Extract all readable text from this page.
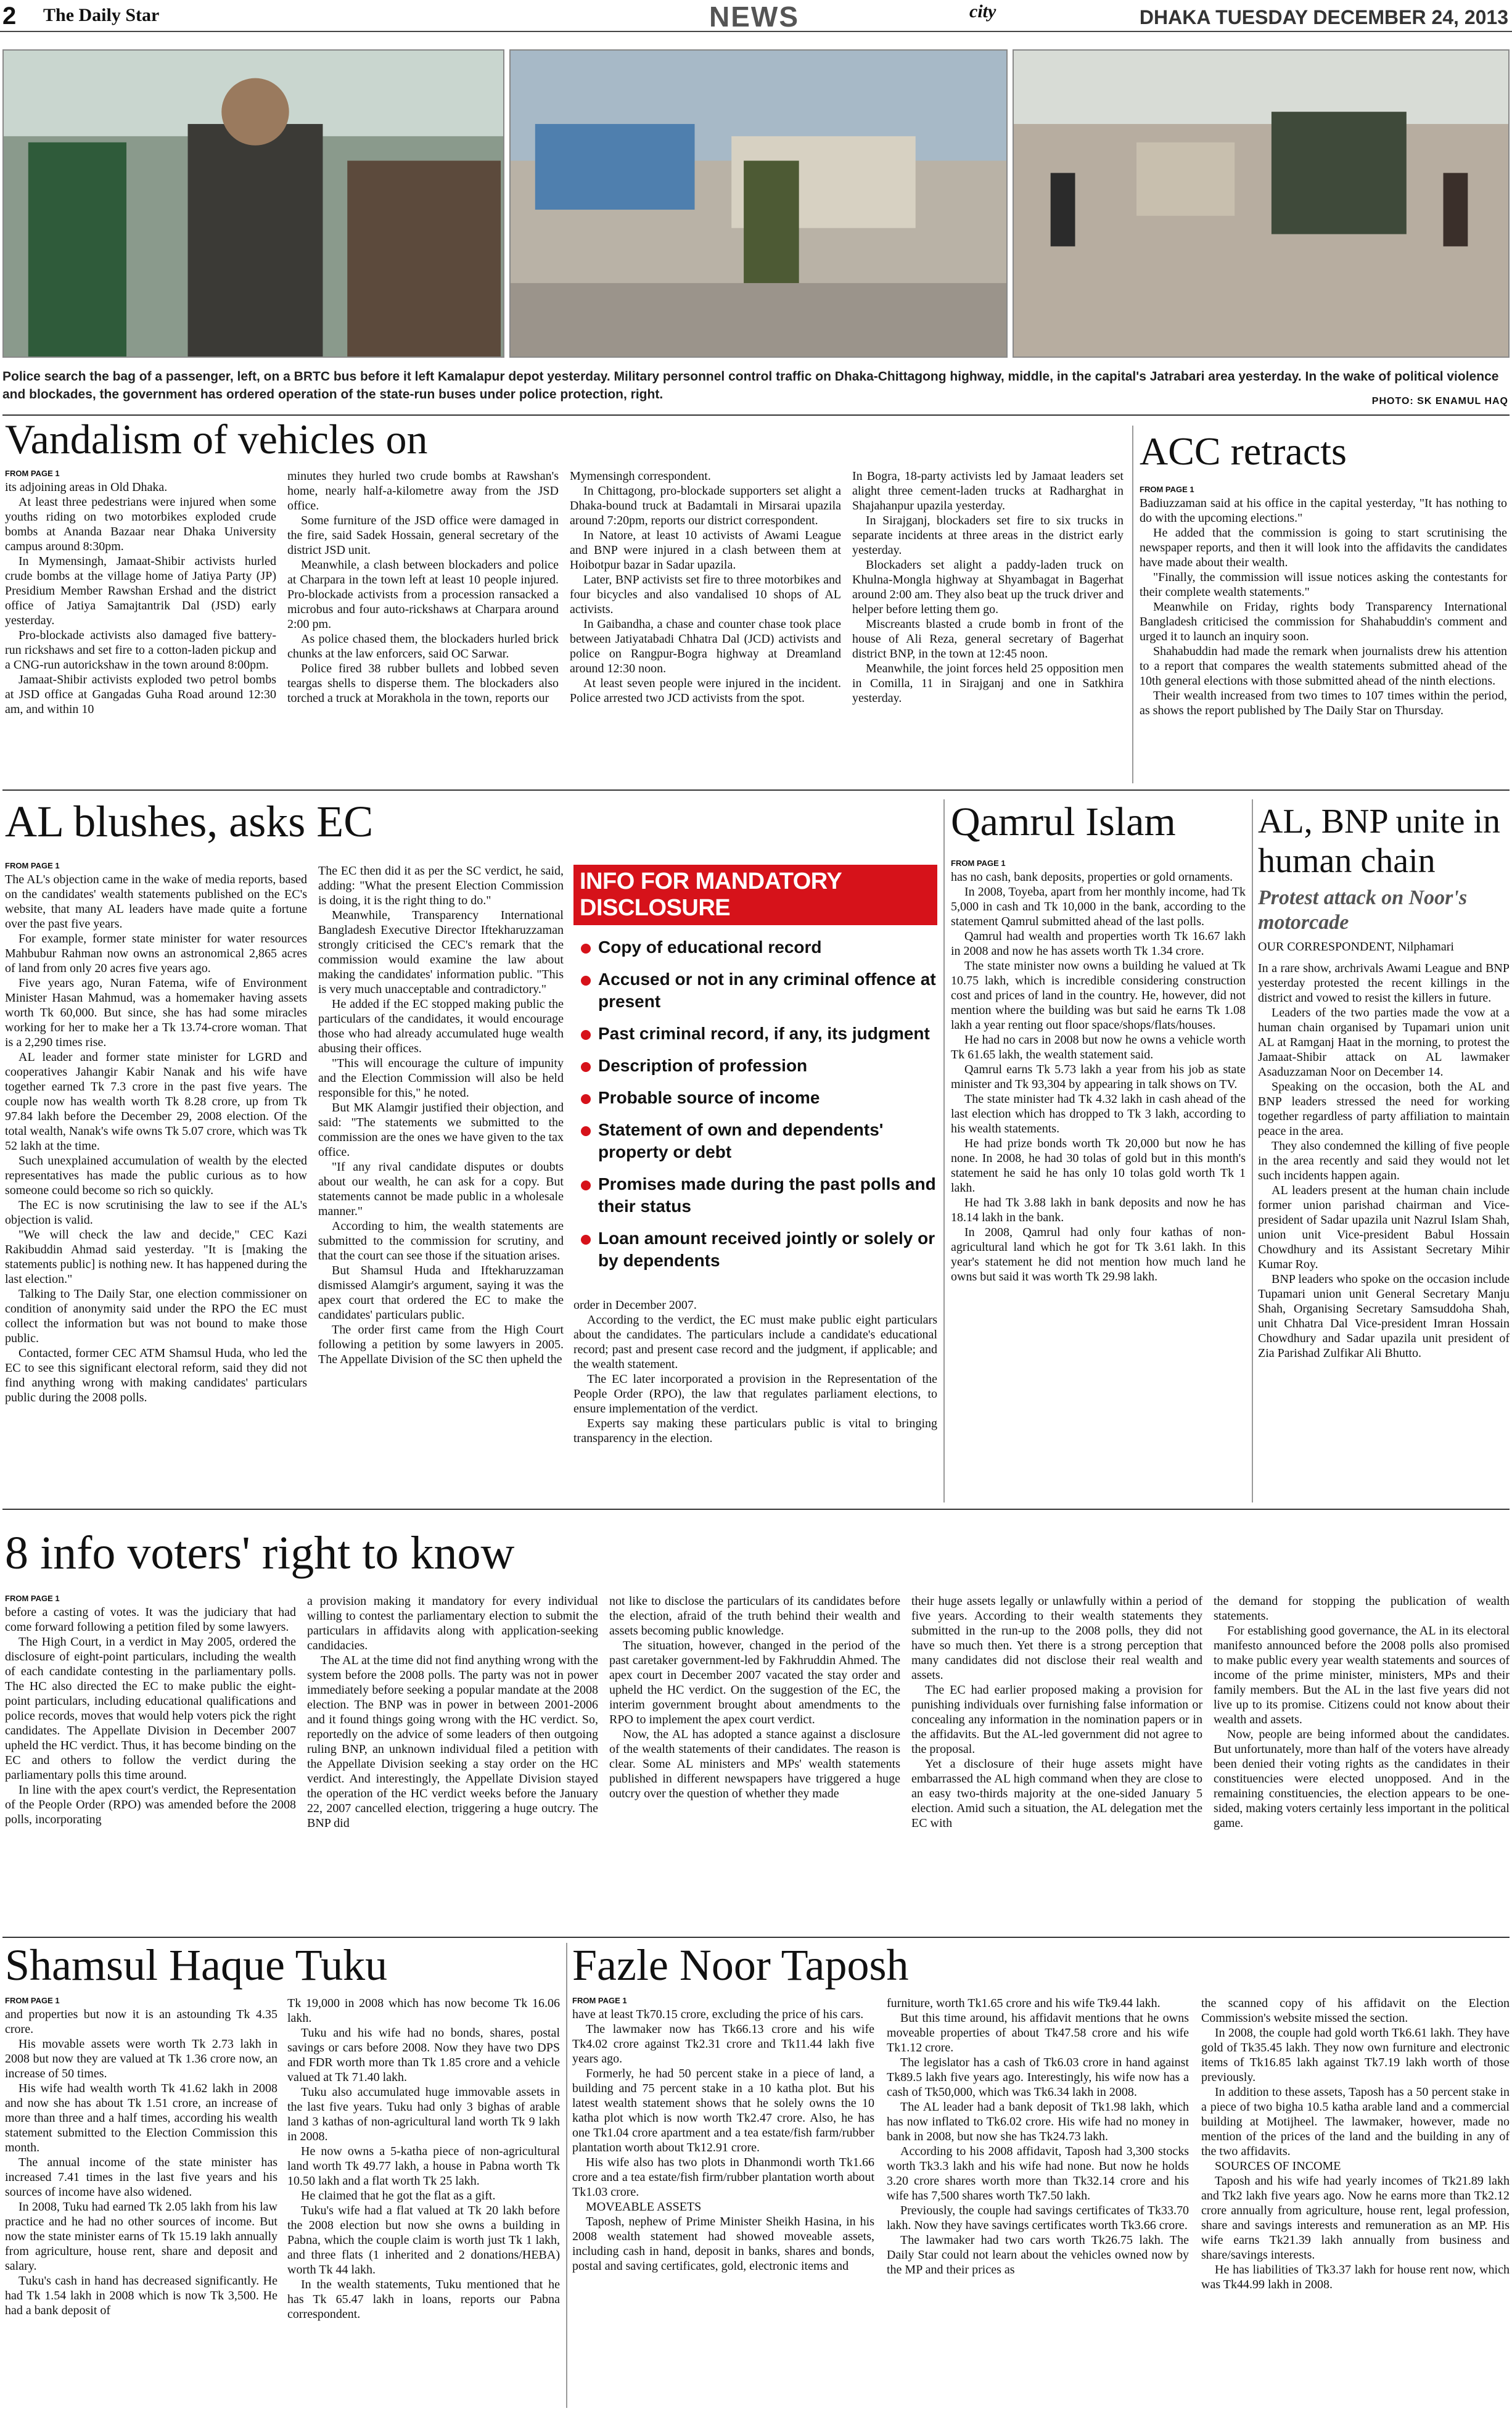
2 The Daily Star	NEWS	city	DHAKA TUESDAY DECEMBER 24, 2013
Police search the bag of a passenger, left, on a BRTC bus before it left Kamalapur depot yesterday. Military personnel control traffic on Dhaka-Chittagong highway, middle, in the capital's Jatrabari area yesterday. In the wake of political violence and blockades, the government has ordered operation of the state-run buses under police protection, right.	PHOTO: SK ENAMUL HAQ
Vandalism of vehicles on
FROM PAGE 1

its adjoining areas in Old Dhaka.

At least three pedestrians were injured when some youths riding on two motorbikes exploded crude bombs at Ananda Bazaar near Dhaka University campus around 8:30pm.

In Mymensingh, Jamaat-Shibir activists hurled crude bombs at the village home of Jatiya Party (JP) Presidium Member Rawshan Ershad and the district office of Jatiya Samajtantrik Dal (JSD) early yesterday.

Pro-blockade activists also damaged five battery-run rickshaws and set fire to a cotton-laden pickup and a CNG-run autorickshaw in the town around 8:00pm.

Jamaat-Shibir activists exploded two petrol bombs at JSD office at Gangadas Guha Road around 12:30 am, and within 10

minutes they hurled two crude bombs at Rawshan's home, nearly half-a-kilometre away from the JSD office.

Some furniture of the JSD office were damaged in the fire, said Sadek Hossain, general secretary of the district JSD unit.

Meanwhile, a clash between blockaders and police at Charpara in the town left at least 10 people injured. Pro-blockade activists from a procession ransacked a microbus and four auto-rickshaws at Charpara around 2:00 pm.

As police chased them, the blockaders hurled brick chunks at the law enforcers, said OC Sarwar.

Police fired 38 rubber bullets and lobbed seven teargas shells to disperse them. The blockaders also torched a truck at Morakhola in the town, reports our

Mymensingh correspondent.

In Chittagong, pro-blockade supporters set alight a Dhaka-bound truck at Badamtali in Mirsarai upazila around 7:20pm, reports our district correspondent.

In Natore, at least 10 activists of Awami League and BNP were injured in a clash between them at Hoibotpur bazar in Sadar upazila.

Later, BNP activists set fire to three motorbikes and four bicycles and also vandalised 10 shops of AL activists.

In Gaibandha, a chase and counter chase took place between Jatiyatabadi Chhatra Dal (JCD) activists and police on Rangpur-Bogra highway at Dreamland around 12:30 noon.

At least seven people were injured in the incident. Police arrested two JCD activists from the spot.

In Bogra, 18-party activists led by Jamaat leaders set alight three cement-laden trucks at Radharghat in Shajahanpur upazila yesterday.

In Sirajganj, blockaders set fire to six trucks in separate incidents at three areas in the district early yesterday.

Blockaders set alight a paddy-laden truck on Khulna-Mongla highway at Shyambagat in Bagerhat around 2:00 am. They also beat up the truck driver and helper before letting them go.

Miscreants blasted a crude bomb in front of the house of Ali Reza, general secretary of Bagerhat district BNP, in the town at 12:45 noon.

Meanwhile, the joint forces held 25 opposition men in Comilla, 11 in Sirajganj and one in Satkhira yesterday.

ACC retracts
FROM PAGE 1

Badiuzzaman said at his office in the capital yesterday, "It has nothing to do with the upcoming elections."

He added that the commission is going to start scrutinising the newspaper reports, and then it will look into the affidavits the candidates have made about their wealth.

"Finally, the commission will issue notices asking the contestants for their complete wealth statements."

Meanwhile on Friday, rights body Transparency International Bangladesh criticised the commission for Shahabuddin's comment and urged it to launch an inquiry soon.

Shahabuddin had made the remark when journalists drew his attention to a report that compares the wealth statements submitted ahead of the 10th general elections with those submitted ahead of the ninth elections.

Their wealth increased from two times to 107 times within the period, as shows the report published by The Daily Star on Thursday.

AL blushes, asks EC
FROM PAGE 1

The AL's objection came in the wake of media reports, based on the candidates' wealth statements published on the EC's website, that many AL leaders have made quite a fortune over the past five years.

For example, former state minister for water resources Mahbubur Rahman now owns an astronomical 2,865 acres of land from only 20 acres five years ago.

Five years ago, Nuran Fatema, wife of Environment Minister Hasan Mahmud, was a homemaker having assets worth Tk 60,000. But since, she has had some miracles working for her to make her a Tk 13.74-crore woman. That is a 2,290 times rise.

AL leader and former state minister for LGRD and cooperatives Jahangir Kabir Nanak and his wife have together earned Tk 7.3 crore in the past five years. The couple now has wealth worth Tk 8.28 crore, up from Tk 97.84 lakh before the December 29, 2008 election. Of the total wealth, Nanak's wife owns Tk 5.07 crore, which was Tk 52 lakh at the time.

Such unexplained accumulation of wealth by the elected representatives has made the public curious as to how someone could become so rich so quickly.

The EC is now scrutinising the law to see if the AL's objection is valid.

"We will check the law and decide," CEC Kazi Rakibuddin Ahmad said yesterday. "It is [making the statements public] is nothing new. It has happened during the last election."

Talking to The Daily Star, one election commissioner on condition of anonymity said under the RPO the EC must collect the information but was not bound to make those public.

Contacted, former CEC ATM Shamsul Huda, who led the EC to see this significant electoral reform, said they did not find anything wrong with making candidates' particulars public during the 2008 polls.

The EC then did it as per the SC verdict, he said, adding: "What the present Election Commission is doing, it is the right thing to do."

Meanwhile, Transparency International Bangladesh Executive Director Iftekharuzzaman strongly criticised the CEC's remark that the commission would examine the law about making the candidates' information public. "This is very much unacceptable and contradictory."

He added if the EC stopped making public the particulars of the candidates, it would encourage those who had already accumulated huge wealth abusing their offices.

"This will encourage the culture of impunity and the Election Commission will also be held responsible for this," he noted.

But MK Alamgir justified their objection, and said: "The statements we submitted to the commission are the ones we have given to the tax office.

"If any rival candidate disputes or doubts about our wealth, he can ask for a copy. But statements cannot be made public in a wholesale manner."

According to him, the wealth statements are submitted to the commission for scrutiny, and that the court can see those if the situation arises.

But Shamsul Huda and Iftekharuzzaman dismissed Alamgir's argument, saying it was the apex court that ordered the EC to make the candidates' particulars public.

The order first came from the High Court following a petition by some lawyers in 2005. The Appellate Division of the SC then upheld the

INFO FOR MANDATORY DISCLOSURE
Copy of educational record
Accused or not in any criminal offence at present
Past criminal record, if any, its judgment
Description of profession
Probable source of income
Statement of own and dependents' property or debt
Promises made during the past polls and their status
Loan amount received jointly or solely or by dependents

order in December 2007.

According to the verdict, the EC must make public eight particulars about the candidates. The particulars include a candidate's educational record; past and present case record and the judgment, if applicable; and the wealth statement.

The EC later incorporated a provision in the Representation of the People Order (RPO), the law that regulates parliament elections, to ensure implementation of the verdict.

Experts say making these particulars public is vital to bringing transparency in the election.

Qamrul Islam
FROM PAGE 1

has no cash, bank deposits, properties or gold ornaments.

In 2008, Toyeba, apart from her monthly income, had Tk 5,000 in cash and Tk 10,000 in the bank, according to the statement Qamrul submitted ahead of the last polls.

Qamrul had wealth and properties worth Tk 16.67 lakh in 2008 and now he has assets worth Tk 1.34 crore.

The state minister now owns a building he valued at Tk 10.75 lakh, which is incredible considering construction cost and prices of land in the country. He, however, did not mention where the building was but said he earns Tk 1.08 lakh a year renting out floor space/shops/flats/houses.

He had no cars in 2008 but now he owns a vehicle worth Tk 61.65 lakh, the wealth statement said.

Qamrul earns Tk 5.73 lakh a year from his job as state minister and Tk 93,304 by appearing in talk shows on TV.

The state minister had Tk 4.32 lakh in cash ahead of the last election which has dropped to Tk 3 lakh, according to his wealth statements.

He had prize bonds worth Tk 20,000 but now he has none. In 2008, he had 30 tolas of gold but in this month's statement he said he has only 10 tolas gold worth Tk 1 lakh.

He had Tk 3.88 lakh in bank deposits and now he has 18.14 lakh in the bank.

In 2008, Qamrul had only four kathas of non-agricultural land which he got for Tk 3.61 lakh. In this year's statement he did not mention how much land he owns but said it was worth Tk 29.98 lakh.

AL, BNP unite in human chain
Protest attack on Noor's motorcade
OUR CORRESPONDENT, Nilphamari

In a rare show, archrivals Awami League and BNP yesterday protested the recent killings in the district and vowed to resist the killers in future.

Leaders of the two parties made the vow at a human chain organised by Tupamari union unit AL at Ramganj Haat in the morning, to protest the Jamaat-Shibir attack on AL lawmaker Asaduzzaman Noor on December 14.

Speaking on the occasion, both the AL and BNP leaders stressed the need for working together regardless of party affiliation to maintain peace in the area.

They also condemned the killing of five people in the area recently and said they would not let such incidents happen again.

AL leaders present at the human chain include former union parishad chairman and Vice-president of Sadar upazila unit Nazrul Islam Shah, union unit Vice-president Babul Hossain Chowdhury and its Assistant Secretary Mihir Kumar Roy.

BNP leaders who spoke on the occasion include Tupamari union unit General Secretary Manju Shah, Organising Secretary Samsuddoha Shah, unit Chhatra Dal Vice-president Imran Hossain Chowdhury and Sadar upazila unit president of Zia Parishad Zulfikar Ali Bhutto.

8 info voters' right to know
FROM PAGE 1

before a casting of votes. It was the judiciary that had come forward following a petition filed by some lawyers.

The High Court, in a verdict in May 2005, ordered the disclosure of eight-point particulars, including the wealth of each candidate contesting in the parliamentary polls. The HC also directed the EC to make public the eight-point particulars, including educational qualifications and police records, moves that would help voters pick the right candidates. The Appellate Division in December 2007 upheld the HC verdict. Thus, it has become binding on the EC and others to follow the verdict during the parliamentary polls this time around.

In line with the apex court's verdict, the Representation of the People Order (RPO) was amended before the 2008 polls, incorporating

a provision making it mandatory for every individual willing to contest the parliamentary election to submit the particulars in affidavits along with application-seeking candidacies.

The AL at the time did not find anything wrong with the system before the 2008 polls. The party was not in power immediately before seeking a popular mandate at the 2008 election. The BNP was in power in between 2001-2006 and it found things going wrong with the HC verdict. So, reportedly on the advice of some leaders of then outgoing ruling BNP, an unknown individual filed a petition with the Appellate Division seeking a stay order on the HC verdict. And interestingly, the Appellate Division stayed the operation of the HC verdict weeks before the January 22, 2007 cancelled election, triggering a huge outcry. The BNP did

not like to disclose the particulars of its candidates before the election, afraid of the truth behind their wealth and assets becoming public knowledge.

The situation, however, changed in the period of the past caretaker government-led by Fakhruddin Ahmed. The apex court in December 2007 vacated the stay order and upheld the HC verdict. On the suggestion of the EC, the interim government brought about amendments to the RPO to implement the apex court verdict.

Now, the AL has adopted a stance against a disclosure of the wealth statements of their candidates. The reason is clear. Some AL ministers and MPs' wealth statements published in different newspapers have triggered a huge outcry over the question of whether they made

their huge assets legally or unlawfully within a period of five years. According to their wealth statements they submitted in the run-up to the 2008 polls, they did not have so much then. Yet there is a strong perception that many candidates did not disclose their real wealth and assets.

The EC had earlier proposed making a provision for punishing individuals over furnishing false information or concealing any information in the nomination papers or in the affidavits. But the AL-led government did not agree to the proposal.

Yet a disclosure of their huge assets might have embarrassed the AL high command when they are close to an easy two-thirds majority at the one-sided January 5 election. Amid such a situation, the AL delegation met the EC with

the demand for stopping the publication of wealth statements.

For establishing good governance, the AL in its electoral manifesto announced before the 2008 polls also promised to make public every year wealth statements and sources of income of the prime minister, ministers, MPs and their family members. But the AL in the last five years did not live up to its promise. Citizens could not know about their wealth and assets.

Now, people are being informed about the candidates. But unfortunately, more than half of the voters have already been denied their voting rights as the candidates in their constituencies were elected unopposed. And in the remaining constituencies, the election appears to be one-sided, making voters certainly less important in the political game.

Shamsul Haque Tuku
FROM PAGE 1

and properties but now it is an astounding Tk 4.35 crore.

His movable assets were worth Tk 2.73 lakh in 2008 but now they are valued at Tk 1.36 crore now, an increase of 50 times.

His wife had wealth worth Tk 41.62 lakh in 2008 and now she has about Tk 1.51 crore, an increase of more than three and a half times, according his wealth statement submitted to the Election Commission this month.

The annual income of the state minister has increased 7.41 times in the last five years and his sources of income have also widened.

In 2008, Tuku had earned Tk 2.05 lakh from his law practice and he had no other sources of income. But now the state minister earns of Tk 15.19 lakh annually from agriculture, house rent, share and deposit and salary.

Tuku's cash in hand has decreased significantly. He had Tk 1.54 lakh in 2008 which is now Tk 3,500. He had a bank deposit of

Tk 19,000 in 2008 which has now become Tk 16.06 lakh.

Tuku and his wife had no bonds, shares, postal savings or cars before 2008. Now they have two DPS and FDR worth more than Tk 1.85 crore and a vehicle valued at Tk 71.40 lakh.

Tuku also accumulated huge immovable assets in the last five years. Tuku had only 3 bighas of arable land 3 kathas of non-agricultural land worth Tk 9 lakh in 2008.

He now owns a 5-katha piece of non-agricultural land worth Tk 49.77 lakh, a house in Pabna worth Tk 10.50 lakh and a flat worth Tk 25 lakh.

He claimed that he got the flat as a gift.

Tuku's wife had a flat valued at Tk 20 lakh before the 2008 election but now she owns a building in Pabna, which the couple claim is worth just Tk 1 lakh, and three flats (1 inherited and 2 donations/HEBA) worth Tk 44 lakh.

In the wealth statements, Tuku mentioned that he has Tk 65.47 lakh in loans, reports our Pabna correspondent.

Fazle Noor Taposh
FROM PAGE 1

have at least Tk70.15 crore, excluding the price of his cars.

The lawmaker now has Tk66.13 crore and his wife Tk4.02 crore against Tk2.31 crore and Tk11.44 lakh five years ago.

Formerly, he had 50 percent stake in a piece of land, a building and 75 percent stake in a 10 katha plot. But his latest wealth statement shows that he solely owns the 10 katha plot which is now worth Tk2.47 crore. Also, he has one Tk1.04 crore apartment and a tea estate/fish farm/rubber plantation worth about Tk12.91 crore.

His wife also has two plots in Dhanmondi worth Tk1.66 crore and a tea estate/fish firm/rubber plantation worth about Tk1.03 crore.

MOVEABLE ASSETS

Taposh, nephew of Prime Minister Sheikh Hasina, in his 2008 wealth statement had showed moveable assets, including cash in hand, deposit in banks, shares and bonds, postal and saving certificates, gold, electronic items and

furniture, worth Tk1.65 crore and his wife Tk9.44 lakh.

But this time around, his affidavit mentions that he owns moveable properties of about Tk47.58 crore and his wife Tk1.12 crore.

The legislator has a cash of Tk6.03 crore in hand against Tk89.5 lakh five years ago. Interestingly, his wife now has a cash of Tk50,000, which was Tk6.34 lakh in 2008.

The AL leader had a bank deposit of Tk1.98 lakh, which has now inflated to Tk6.02 crore. His wife had no money in bank in 2008, but now she has Tk24.73 lakh.

According to his 2008 affidavit, Taposh had 3,300 stocks worth Tk3.3 lakh and his wife had none. But now he holds 3.20 crore shares worth more than Tk32.14 crore and his wife has 7,500 shares worth Tk7.50 lakh.

Previously, the couple had savings certificates of Tk33.70 lakh. Now they have savings certificates worth Tk3.66 crore.

The lawmaker had two cars worth Tk26.75 lakh. The Daily Star could not learn about the vehicles owned now by the MP and their prices as

the scanned copy of his affidavit on the Election Commission's website missed the section.

In 2008, the couple had gold worth Tk6.61 lakh. They have gold of Tk35.45 lakh. They now own furniture and electronic items of Tk16.85 lakh against Tk7.19 lakh worth of those previously.

In addition to these assets, Taposh has a 50 percent stake in a piece of two bigha 10.5 katha arable land and a commercial building at Motijheel. The lawmaker, however, made no mention of the prices of the land and the building in any of the two affidavits.

SOURCES OF INCOME

Taposh and his wife had yearly incomes of Tk21.89 lakh and Tk2 lakh five years ago. Now he earns more than Tk2.12 crore annually from agriculture, house rent, legal profession, share and savings interests and remuneration as an MP. His wife earns Tk21.39 lakh annually from business and share/savings interests.

He has liabilities of Tk3.37 lakh for house rent now, which was Tk44.99 lakh in 2008.
